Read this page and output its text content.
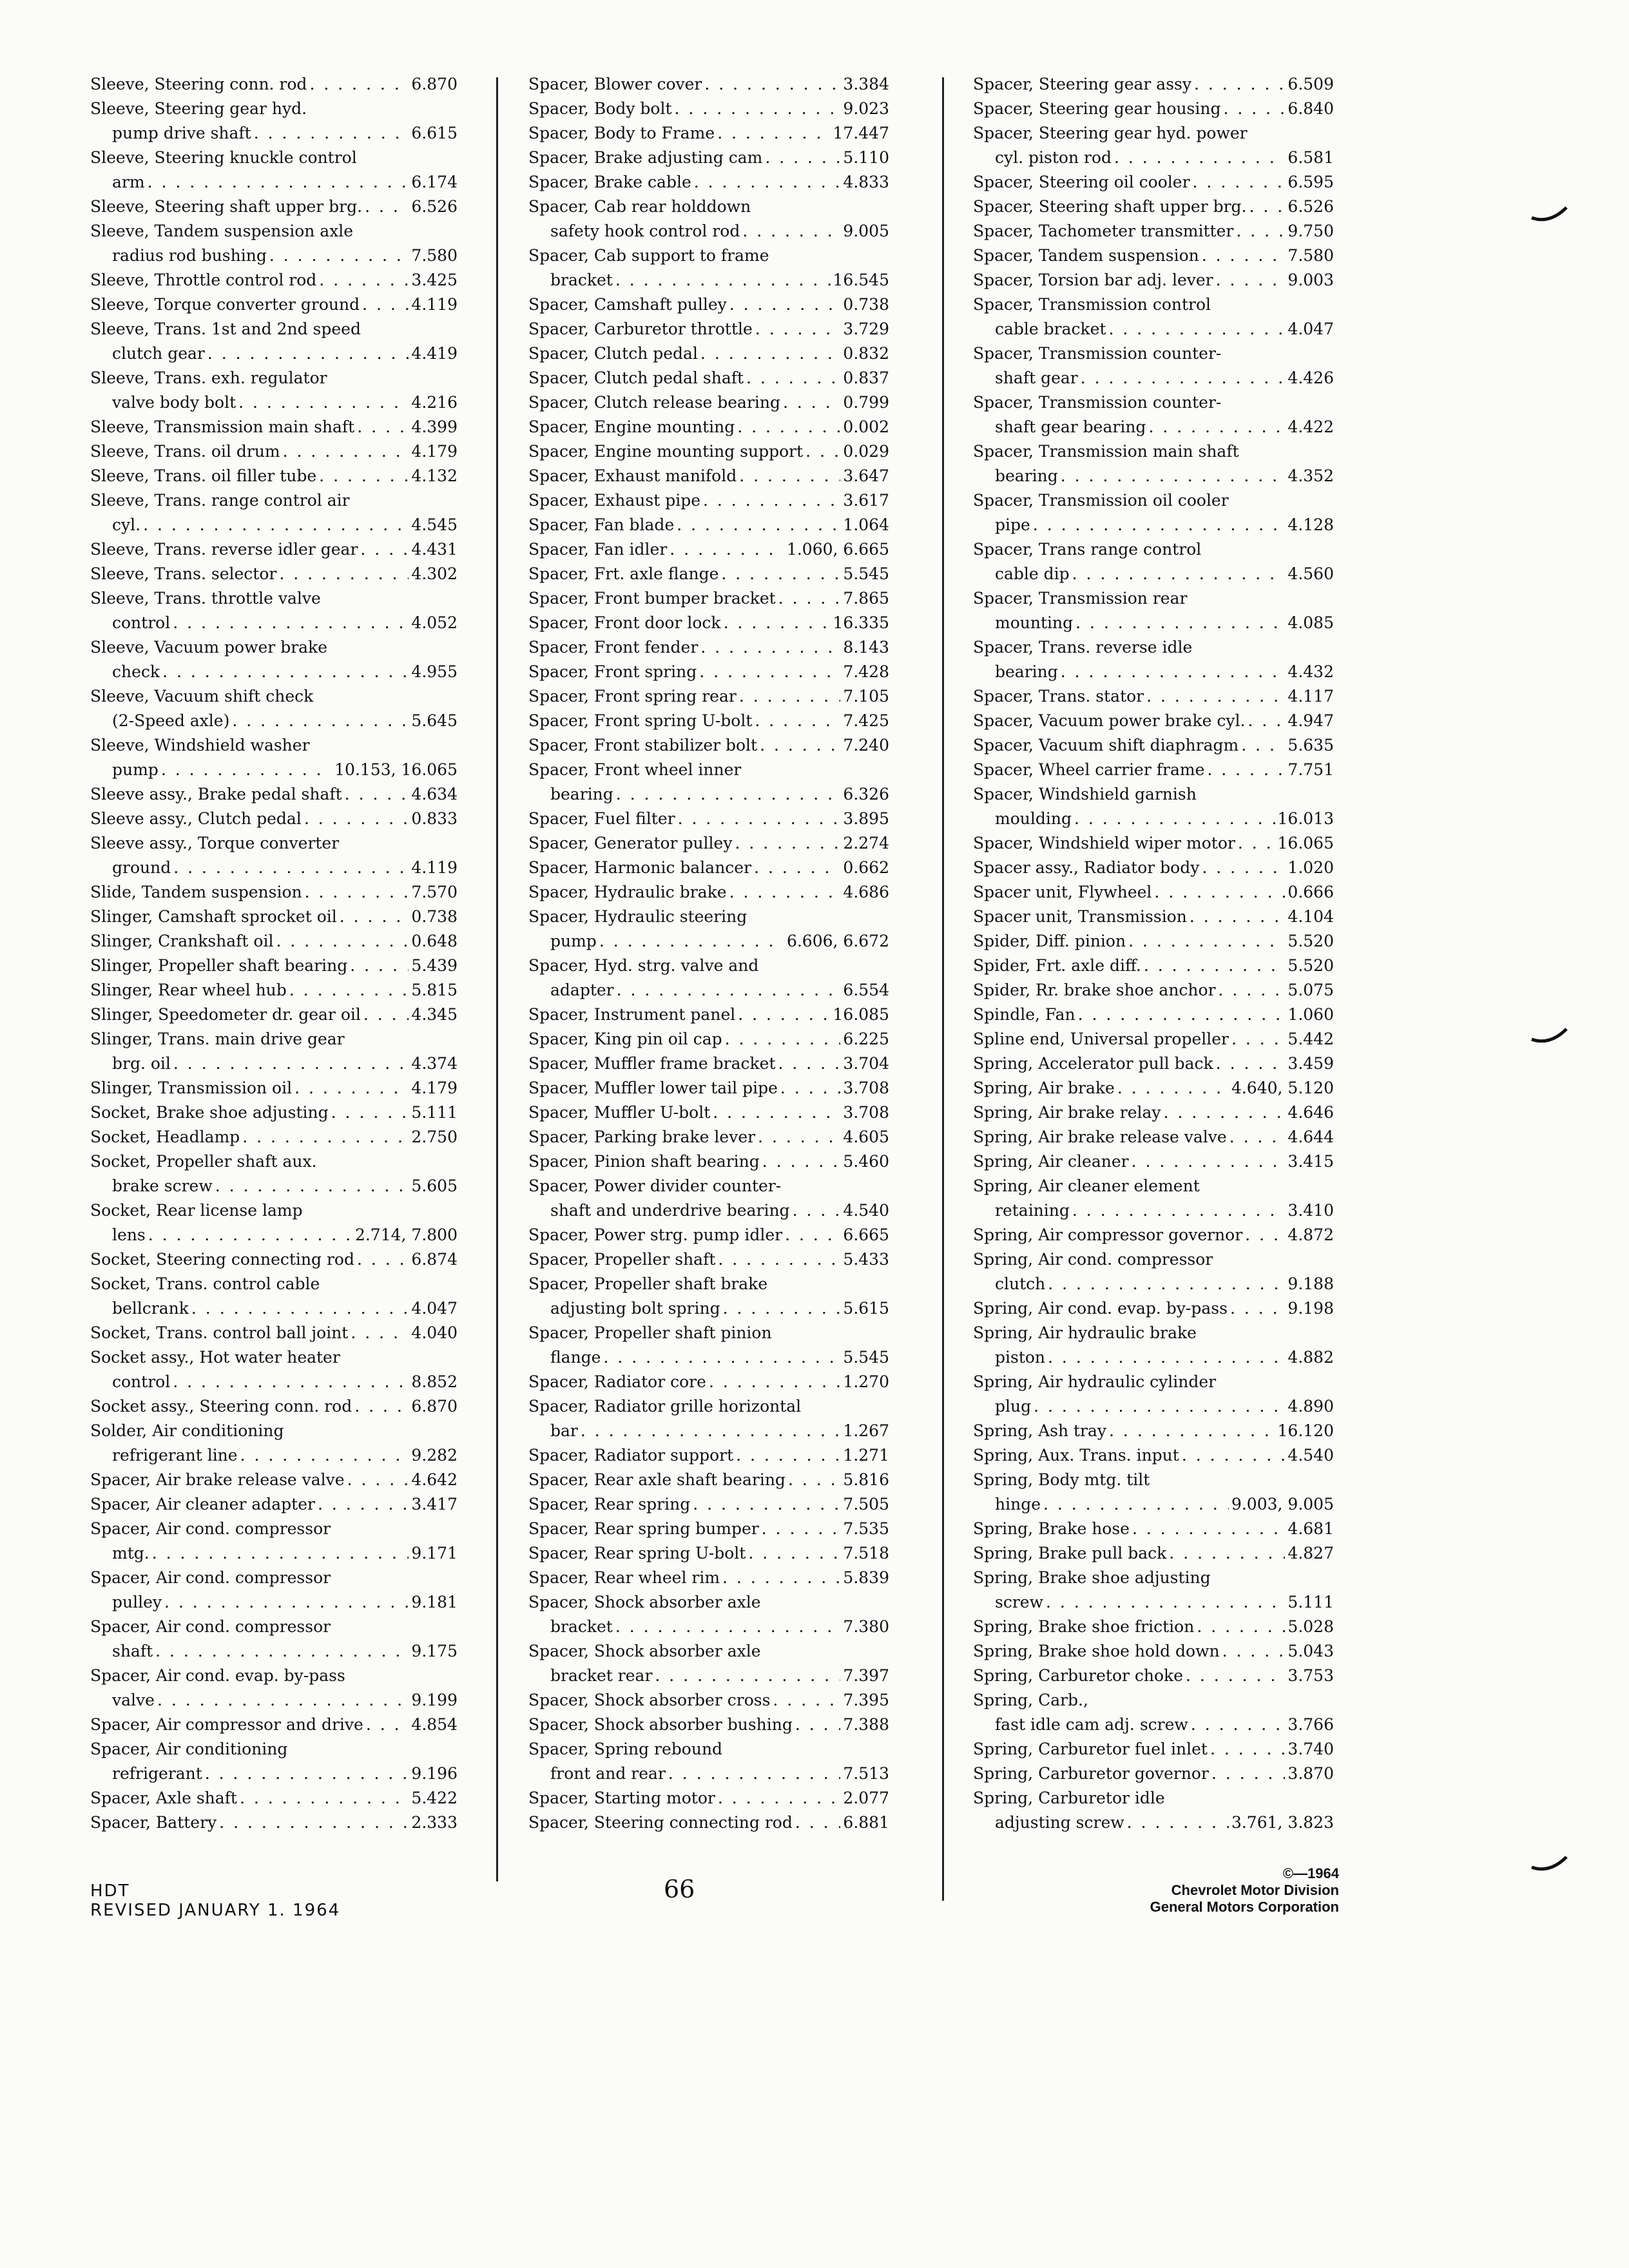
Sleeve, Steering conn. rod . . .	6.870
Sleeve, Steering gear hyd.
pump drive shaft . . .	6.615
Sleeve, Steering knuckle control
arm . . .	6.174
Sleeve, Steering shaft upper brg. . . .	6.526
Sleeve, Tandem suspension axle
radius rod bushing . . .	7.580
Sleeve, Throttle control rod . . .	3.425
Sleeve, Torque converter ground . . .	4.119
Sleeve, Trans. 1st and 2nd speed
clutch gear . . .	4.419
Sleeve, Trans. exh. regulator
valve body bolt . . .	4.216
Sleeve, Transmission main shaft . . .	4.399
Sleeve, Trans. oil drum . . .	4.179
Sleeve, Trans. oil filler tube . . .	4.132
Sleeve, Trans. range control air
cyl. . . .	4.545
Sleeve, Trans. reverse idler gear . . .	4.431
Sleeve, Trans. selector . . .	4.302
Sleeve, Trans. throttle valve
control . . .	4.052
Sleeve, Vacuum power brake
check . . .	4.955
Sleeve, Vacuum shift check
(2-Speed axle) . . .	5.645
Sleeve, Windshield washer
pump . . .	10.153, 16.065
Sleeve assy., Brake pedal shaft . . .	4.634
Sleeve assy., Clutch pedal . . .	0.833
Sleeve assy., Torque converter
ground . . .	4.119
Slide, Tandem suspension . . .	7.570
Slinger, Camshaft sprocket oil . . .	0.738
Slinger, Crankshaft oil . . .	0.648
Slinger, Propeller shaft bearing . . .	5.439
Slinger, Rear wheel hub . . .	5.815
Slinger, Speedometer dr. gear oil . . .	4.345
Slinger, Trans. main drive gear
brg. oil . . .	4.374
Slinger, Transmission oil . . .	4.179
Socket, Brake shoe adjusting . . .	5.111
Socket, Headlamp . . .	2.750
Socket, Propeller shaft aux.
brake screw . . .	5.605
Socket, Rear license lamp
lens . . .	2.714, 7.800
Socket, Steering connecting rod . . .	6.874
Socket, Trans. control cable
bellcrank . . .	4.047
Socket, Trans. control ball joint . . .	4.040
Socket assy., Hot water heater
control . . .	8.852
Socket assy., Steering conn. rod . . .	6.870
Solder, Air conditioning
refrigerant line . . .	9.282
Spacer, Air brake release valve . . .	4.642
Spacer, Air cleaner adapter . . .	3.417
Spacer, Air cond. compressor
mtg. . . .	9.171
Spacer, Air cond. compressor
pulley . . .	9.181
Spacer, Air cond. compressor
shaft . . .	9.175
Spacer, Air cond. evap. by-pass
valve . . .	9.199
Spacer, Air compressor and drive . . .	4.854
Spacer, Air conditioning
refrigerant . . .	9.196
Spacer, Axle shaft . . .	5.422
Spacer, Battery . . .	2.333
Spacer, Blower cover . . .	3.384
Spacer, Body bolt . . .	9.023
Spacer, Body to Frame . . .	17.447
Spacer, Brake adjusting cam . . .	5.110
Spacer, Brake cable . . .	4.833
Spacer, Cab rear holddown
safety hook control rod . . .	9.005
Spacer, Cab support to frame
bracket . . .	16.545
Spacer, Camshaft pulley . . .	0.738
Spacer, Carburetor throttle . . .	3.729
Spacer, Clutch pedal . . .	0.832
Spacer, Clutch pedal shaft . . .	0.837
Spacer, Clutch release bearing . . .	0.799
Spacer, Engine mounting . . .	0.002
Spacer, Engine mounting support . . . 0.029
Spacer, Exhaust manifold . . .	3.647
Spacer, Exhaust pipe . . .	3.617
Spacer, Fan blade . . .	1.064
Spacer, Fan idler . . .	1.060, 6.665
Spacer, Frt. axle flange . . .	5.545
Spacer, Front bumper bracket . . .	7.865
Spacer, Front door lock . . .	16.335
Spacer, Front fender . . .	8.143
Spacer, Front spring . . .	7.428
Spacer, Front spring rear . . .	7.105
Spacer, Front spring U-bolt . . .	7.425
Spacer, Front stabilizer bolt . . .	7.240
Spacer, Front wheel inner
bearing . . .	6.326
Spacer, Fuel filter . . .	3.895
Spacer, Generator pulley . . .	2.274
Spacer, Harmonic balancer . . .	0.662
Spacer, Hydraulic brake . . .	4.686
Spacer, Hydraulic steering
pump . . .	6.606, 6.672
Spacer, Hyd. strg. valve and
adapter . . .	6.554
Spacer, Instrument panel . . .	16.085
Spacer, King pin oil cap . . .	6.225
Spacer, Muffler frame bracket . . .	3.704
Spacer, Muffler lower tail pipe . . .	3.708
Spacer, Muffler U-bolt . . .	3.708
Spacer, Parking brake lever . . .	4.605
Spacer, Pinion shaft bearing . . .	5.460
Spacer, Power divider counter-
shaft and underdrive bearing . . .	4.540
Spacer, Power strg. pump idler . . .	6.665
Spacer, Propeller shaft . . .	5.433
Spacer, Propeller shaft brake
adjusting bolt spring . . .	5.615
Spacer, Propeller shaft pinion
flange . . .	5.545
Spacer, Radiator core . . .	1.270
Spacer, Radiator grille horizontal
bar . . .	1.267
Spacer, Radiator support . . .	1.271
Spacer, Rear axle shaft bearing . . .	5.816
Spacer, Rear spring . . .	7.505
Spacer, Rear spring bumper . . .	7.535
Spacer, Rear spring U-bolt . . .	7.518
Spacer, Rear wheel rim . . .	5.839
Spacer, Shock absorber axle
bracket . . .	7.380
Spacer, Shock absorber axle
bracket rear . . .	7.397
Spacer, Shock absorber cross . . .	7.395
Spacer, Shock absorber bushing . . .	7.388
Spacer, Spring rebound
front and rear . . .	7.513
Spacer, Starting motor . . .	2.077
Spacer, Steering connecting rod . . .	6.881
Spacer, Steering gear assy . . .	6.509
Spacer, Steering gear housing . . .	6.840
Spacer, Steering gear hyd. power
cyl. piston rod . . .	6.581
Spacer, Steering oil cooler . . .	6.595
Spacer, Steering shaft upper brg. . . .	6.526
Spacer, Tachometer transmitter . . .	9.750
Spacer, Tandem suspension . . .	7.580
Spacer, Torsion bar adj. lever . . .	9.003
Spacer, Transmission control
cable bracket . . .	4.047
Spacer, Transmission counter-
shaft gear . . .	4.426
Spacer, Transmission counter-
shaft gear bearing . . .	4.422
Spacer, Transmission main shaft
bearing . . .	4.352
Spacer, Transmission oil cooler
pipe . . .	4.128
Spacer, Trans range control
cable dip . . .	4.560
Spacer, Transmission rear
mounting . . .	4.085
Spacer, Trans. reverse idle
bearing . . .	4.432
Spacer, Trans. stator . . .	4.117
Spacer, Vacuum power brake cyl. . . .	4.947
Spacer, Vacuum shift diaphragm . . .	5.635
Spacer, Wheel carrier frame . . .	7.751
Spacer, Windshield garnish
moulding . . .	16.013
Spacer, Windshield wiper motor . . .	16.065
Spacer assy., Radiator body . . .	1.020
Spacer unit, Flywheel . . .	0.666
Spacer unit, Transmission . . .	4.104
Spider, Diff. pinion . . .	5.520
Spider, Frt. axle diff. . . .	5.520
Spider, Rr. brake shoe anchor . . .	5.075
Spindle, Fan . . .	1.060
Spline end, Universal propeller . . .	5.442
Spring, Accelerator pull back . . .	3.459
Spring, Air brake . . .	4.640, 5.120
Spring, Air brake relay . . .	4.646
Spring, Air brake release valve . . .	4.644
Spring, Air cleaner . . .	3.415
Spring, Air cleaner element
retaining . . .	3.410
Spring, Air compressor governor . . .	4.872
Spring, Air cond. compressor
clutch . . .	9.188
Spring, Air cond. evap. by-pass . . .	9.198
Spring, Air hydraulic brake
piston . . .	4.882
Spring, Air hydraulic cylinder
plug . . .	4.890
Spring, Ash tray . . .	16.120
Spring, Aux. Trans. input . . .	4.540
Spring, Body mtg. tilt
hinge . . .	9.003, 9.005
Spring, Brake hose . . .	4.681
Spring, Brake pull back . . .	4.827
Spring, Brake shoe adjusting
screw . . .	5.111
Spring, Brake shoe friction . . .	5.028
Spring, Brake shoe hold down . . .	5.043
Spring, Carburetor choke . . .	3.753
Spring, Carb.,
fast idle cam adj. screw . . .	3.766
Spring, Carburetor fuel inlet . . .	3.740
Spring, Carburetor governor . . .	3.870
Spring, Carburetor idle
adjusting screw . . .	3.761, 3.823
HDT
REVISED JANUARY 1. 1964
66
©—1964
Chevrolet Motor Division
General Motors Corporation
